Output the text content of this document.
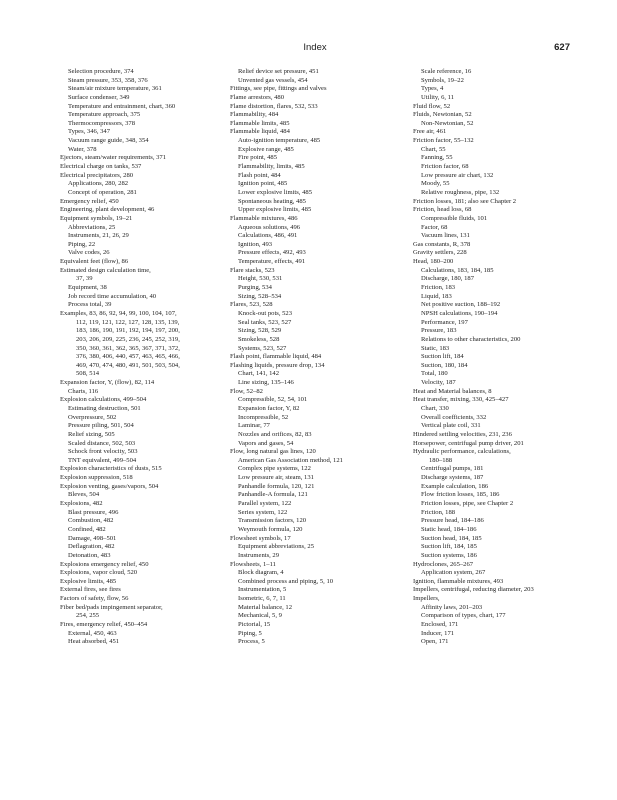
Index	627
Selection procedure, 374
Steam pressure, 353, 358, 376
Steam/air mixture temperature, 361
Surface condenser, 349
Temperature and entrainment, chart, 360
Temperature approach, 375
Thermocompressors, 378
Types, 346, 347
Vacuum range guide, 348, 354
Water, 378
Ejectors, steam/water requirements, 371
Electrical charge on tanks, 537
Electrical precipitators, 280
Applications, 280, 282
Concept of operation, 281
Emergency relief, 450
Engineering, plant development, 46
Equipment symbols, 19–21
Abbreviations, 25
Instruments, 21, 26, 29
Piping, 22
Valve codes, 26
Equivalent feet (flow), 86
Estimated design calculation time,
37, 39
Equipment, 38
Job record time accumulation, 40
Process total, 39
Examples, 83, 86, 92, 94, 99, 100, 104, 107,
112, 119, 121, 122, 127, 128, 135, 139,
183, 186, 190, 191, 192, 194, 197, 200,
203, 206, 209, 225, 236, 245, 252, 319,
350, 360, 361, 362, 365, 367, 371, 372,
376, 380, 406, 440, 457, 463, 465, 466,
469, 470, 474, 480, 491, 501, 503, 504,
508, 514
Expansion factor, Y, (flow), 82, 114
Charts, 116
Explosion calculations, 499–504
Estimating destruction, 501
Overpressure, 502
Pressure piling, 501, 504
Relief sizing, 505
Scaled distance, 502, 503
Schock front velocity, 503
TNT equivalent, 499–504
Explosion characteristics of dusts, 515
Explosion suppression, 518
Explosion venting, gases/vapors, 504
Bleves, 504
Explosions, 482
Blast pressure, 496
Combustion, 482
Confined, 482
Damage, 498–501
Deflagration, 482
Detonation, 483
Explosions emergency relief, 450
Explosions, vapor cloud, 520
Explosive limits, 485
External fires, see fires
Factors of safety, flow, 56
Fiber bed/pads impingement separator,
254, 255
Fires, emergency relief, 450–454
External, 450, 463
Heat absorbed, 451
Relief device set pressure, 451
Unvented gas vessels, 454
Fittings, see pipe, fittings and valves
Flame arrestors, 480
Flame distortion, flares, 532, 533
Flammability, 484
Flammable limits, 485
Flammable liquid, 484
Auto-ignition temperature, 485
Explosive range, 485
Fire point, 485
Flammability, limits, 485
Flash point, 484
Ignition point, 485
Lower explosive limits, 485
Spontaneous heating, 485
Upper explosive limits, 485
Flammable mixtures, 486
Aqueous solutions, 496
Calculations, 486, 491
Ignition, 493
Pressure effects, 492, 493
Temperature, effects, 491
Flare stacks, 523
Height, 530, 531
Purging, 534
Sizing, 528–534
Flares, 523, 528
Knock-out pots, 523
Seal tanks, 523, 527
Sizing, 528, 529
Smokeless, 528
Systems, 523, 527
Flash point, flammable liquid, 484
Flashing liquids, pressure drop, 134
Chart, 141, 142
Line sizing, 135–146
Flow, 52–82
Compressible, 52, 54, 101
Expansion factor, Y, 82
Incompressible, 52
Laminar, 77
Nozzles and orifices, 82, 83
Vapors and gases, 54
Flow, long natural gas lines, 120
American Gas Association method, 121
Complex pipe systems, 122
Low pressure air, steam, 131
Panhandle formula, 120, 121
Panhandle-A formula, 121
Parallel system, 122
Series system, 122
Transmission factors, 120
Weymouth formula, 120
Flowsheet symbols, 17
Equipment abbreviations, 25
Instruments, 29
Flowsheets, 1–11
Block diagram, 4
Combined process and piping, 5, 10
Instrumentation, 5
Isometric, 6, 7, 11
Material balance, 12
Mechanical, 5, 9
Pictorial, 15
Piping, 5
Process, 5
Scale reference, 16
Symbols, 19–22
Types, 4
Utility, 6, 11
Fluid flow, 52
Fluids, Newtonian, 52
Non-Newtonian, 52
Free air, 461
Friction factor, 55–132
Chart, 55
Fanning, 55
Friction factor, 68
Low pressure air chart, 132
Moody, 55
Relative roughness, pipe, 132
Friction losses, 181; also see Chapter 2
Friction, head loss, 68
Compressible fluids, 101
Factor, 68
Vacuum lines, 131
Gas constants, R, 378
Gravity settlers, 228
Head, 180–200
Calculations, 183, 184, 185
Discharge, 180, 187
Friction, 183
Liquid, 183
Net positive suction, 188–192
NPSH calculations, 190–194
Performance, 197
Pressure, 183
Relations to other characteristics, 200
Static, 183
Suction lift, 184
Suction, 180, 184
Total, 180
Velocity, 187
Heat and Material balances, 8
Heat transfer, mixing, 330, 425–427
Chart, 330
Overall coefficients, 332
Vertical plate coil, 331
Hindered settling velocities, 231, 236
Horsepower, centrifugal pump driver, 201
Hydraulic performance, calculations,
180–188
Centrifugal pumps, 181
Discharge systems, 187
Example calculation, 186
Flow friction losses, 185, 186
Friction losses, pipe, see Chapter 2
Friction, 188
Pressure head, 184–186
Static head, 184–186
Suction head, 184, 185
Suction lift, 184, 185
Suction systems, 186
Hydroclones, 265–267
Application system, 267
Ignition, flammable mixtures, 493
Impellers, centrifugal, reducing diameter, 203
Impellers,
Affinity laws, 201–203
Comparison of types, chart, 177
Enclosed, 171
Inducer, 171
Open, 171
